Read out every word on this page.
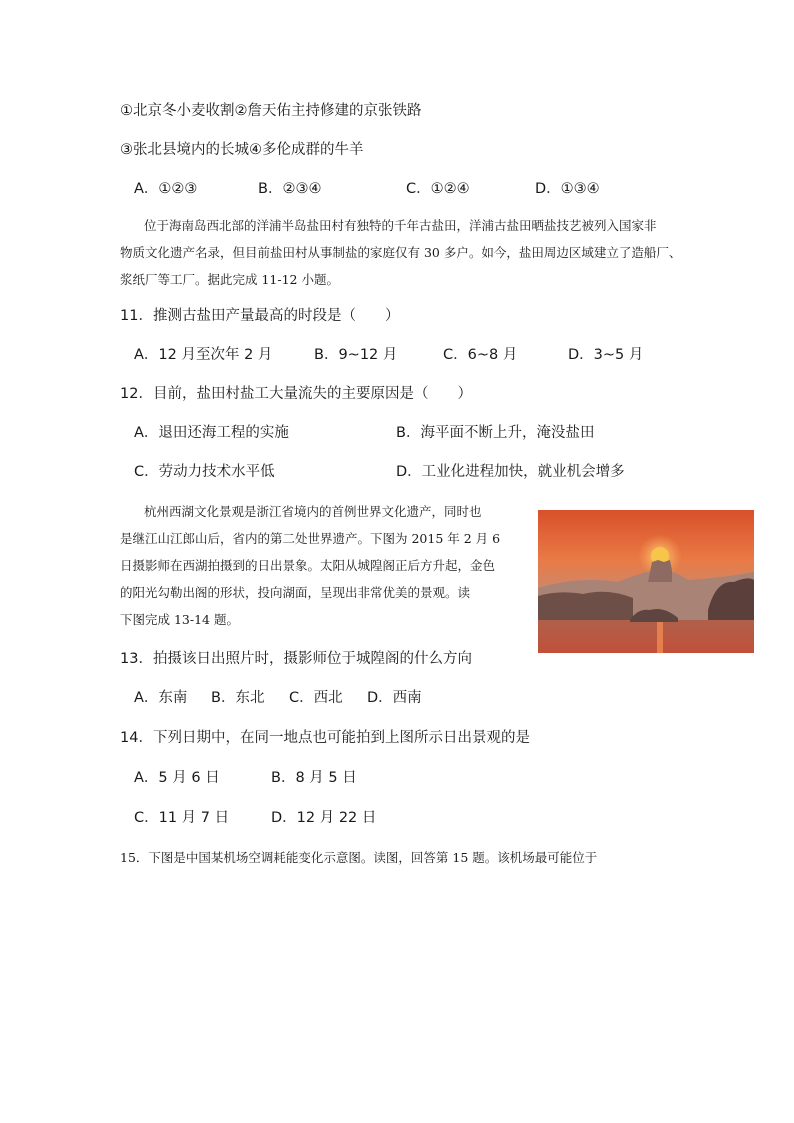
①北京冬小麦收割②詹天佑主持修建的京张铁路
③张北县境内的长城④多伦成群的牛羊
A．①②③	B．②③④	C．①②④	D．①③④
位于海南岛西北部的洋浦半岛盐田村有独特的千年古盐田，洋浦古盐田晒盐技艺被列入国家非
物质文化遗产名录，但目前盐田村从事制盐的家庭仅有 30 多户。如今，盐田周边区域建立了造船厂、
浆纸厂等工厂。据此完成 11-12 小题。
11．推测古盐田产量最高的时段是（　　）
A．12 月至次年 2 月	B．9~12 月	C．6~8 月	D．3~5 月
12．目前，盐田村盐工大量流失的主要原因是（　　）
A．退田还海工程的实施	B．海平面不断上升，淹没盐田
C．劳动力技术水平低	D．工业化进程加快，就业机会增多
杭州西湖文化景观是浙江省境内的首例世界文化遗产，同时也
是继江山江郎山后，省内的第二处世界遗产。下图为 2015 年 2 月 6
日摄影师在西湖拍摄到的日出景象。太阳从城隍阁正后方升起，金色
的阳光勾勒出阁的形状，投向湖面，呈现出非常优美的景观。读
下图完成 13-14 题。
13．拍摄该日出照片时，摄影师位于城隍阁的什么方向
A．东南 B．东北 C．西北 D．西南
14．下列日期中，在同一地点也可能拍到上图所示日出景观的是
A．5 月 6 日	B．8 月 5 日
C．11 月 7 日	D．12 月 22 日
15．下图是中国某机场空调耗能变化示意图。读图，回答第 15 题。该机场最可能位于
